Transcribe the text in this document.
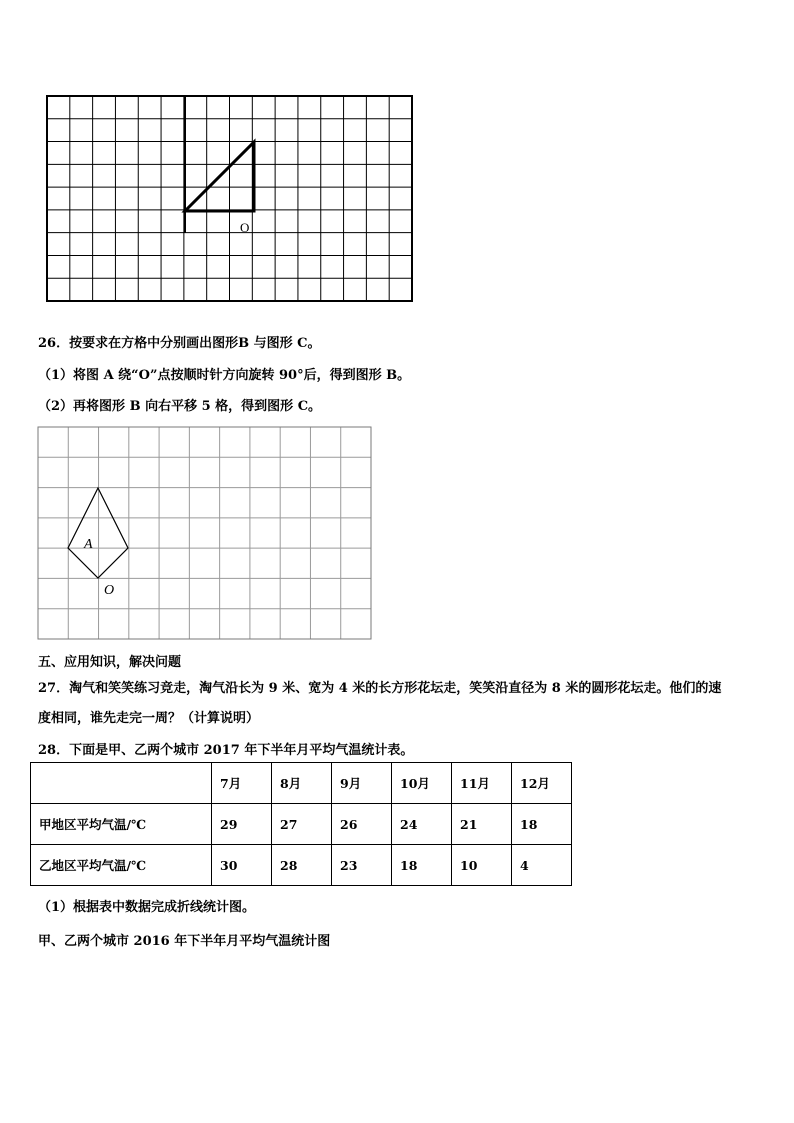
O
26．按要求在方格中分别画出图形B 与图形 C。
（1）将图 A 绕“O”点按顺时针方向旋转 90°后，得到图形 B。
（2）再将图形 B 向右平移 5 格，得到图形 C。
A
O
五、应用知识，解决问题
27．淘气和笑笑练习竞走，淘气沿长为 9 米、宽为 4 米的长方形花坛走，笑笑沿直径为 8 米的圆形花坛走。他们的速
度相同，谁先走完一周？（计算说明）
28．下面是甲、乙两个城市 2017 年下半年月平均气温统计表。
	7月	8月	9月	10月	11月	12月
甲地区平均气温/℃	29	27	26	24	21	18
乙地区平均气温/℃	30	28	23	18	10	4
（1）根据表中数据完成折线统计图。
甲、乙两个城市 2016 年下半年月平均气温统计图
